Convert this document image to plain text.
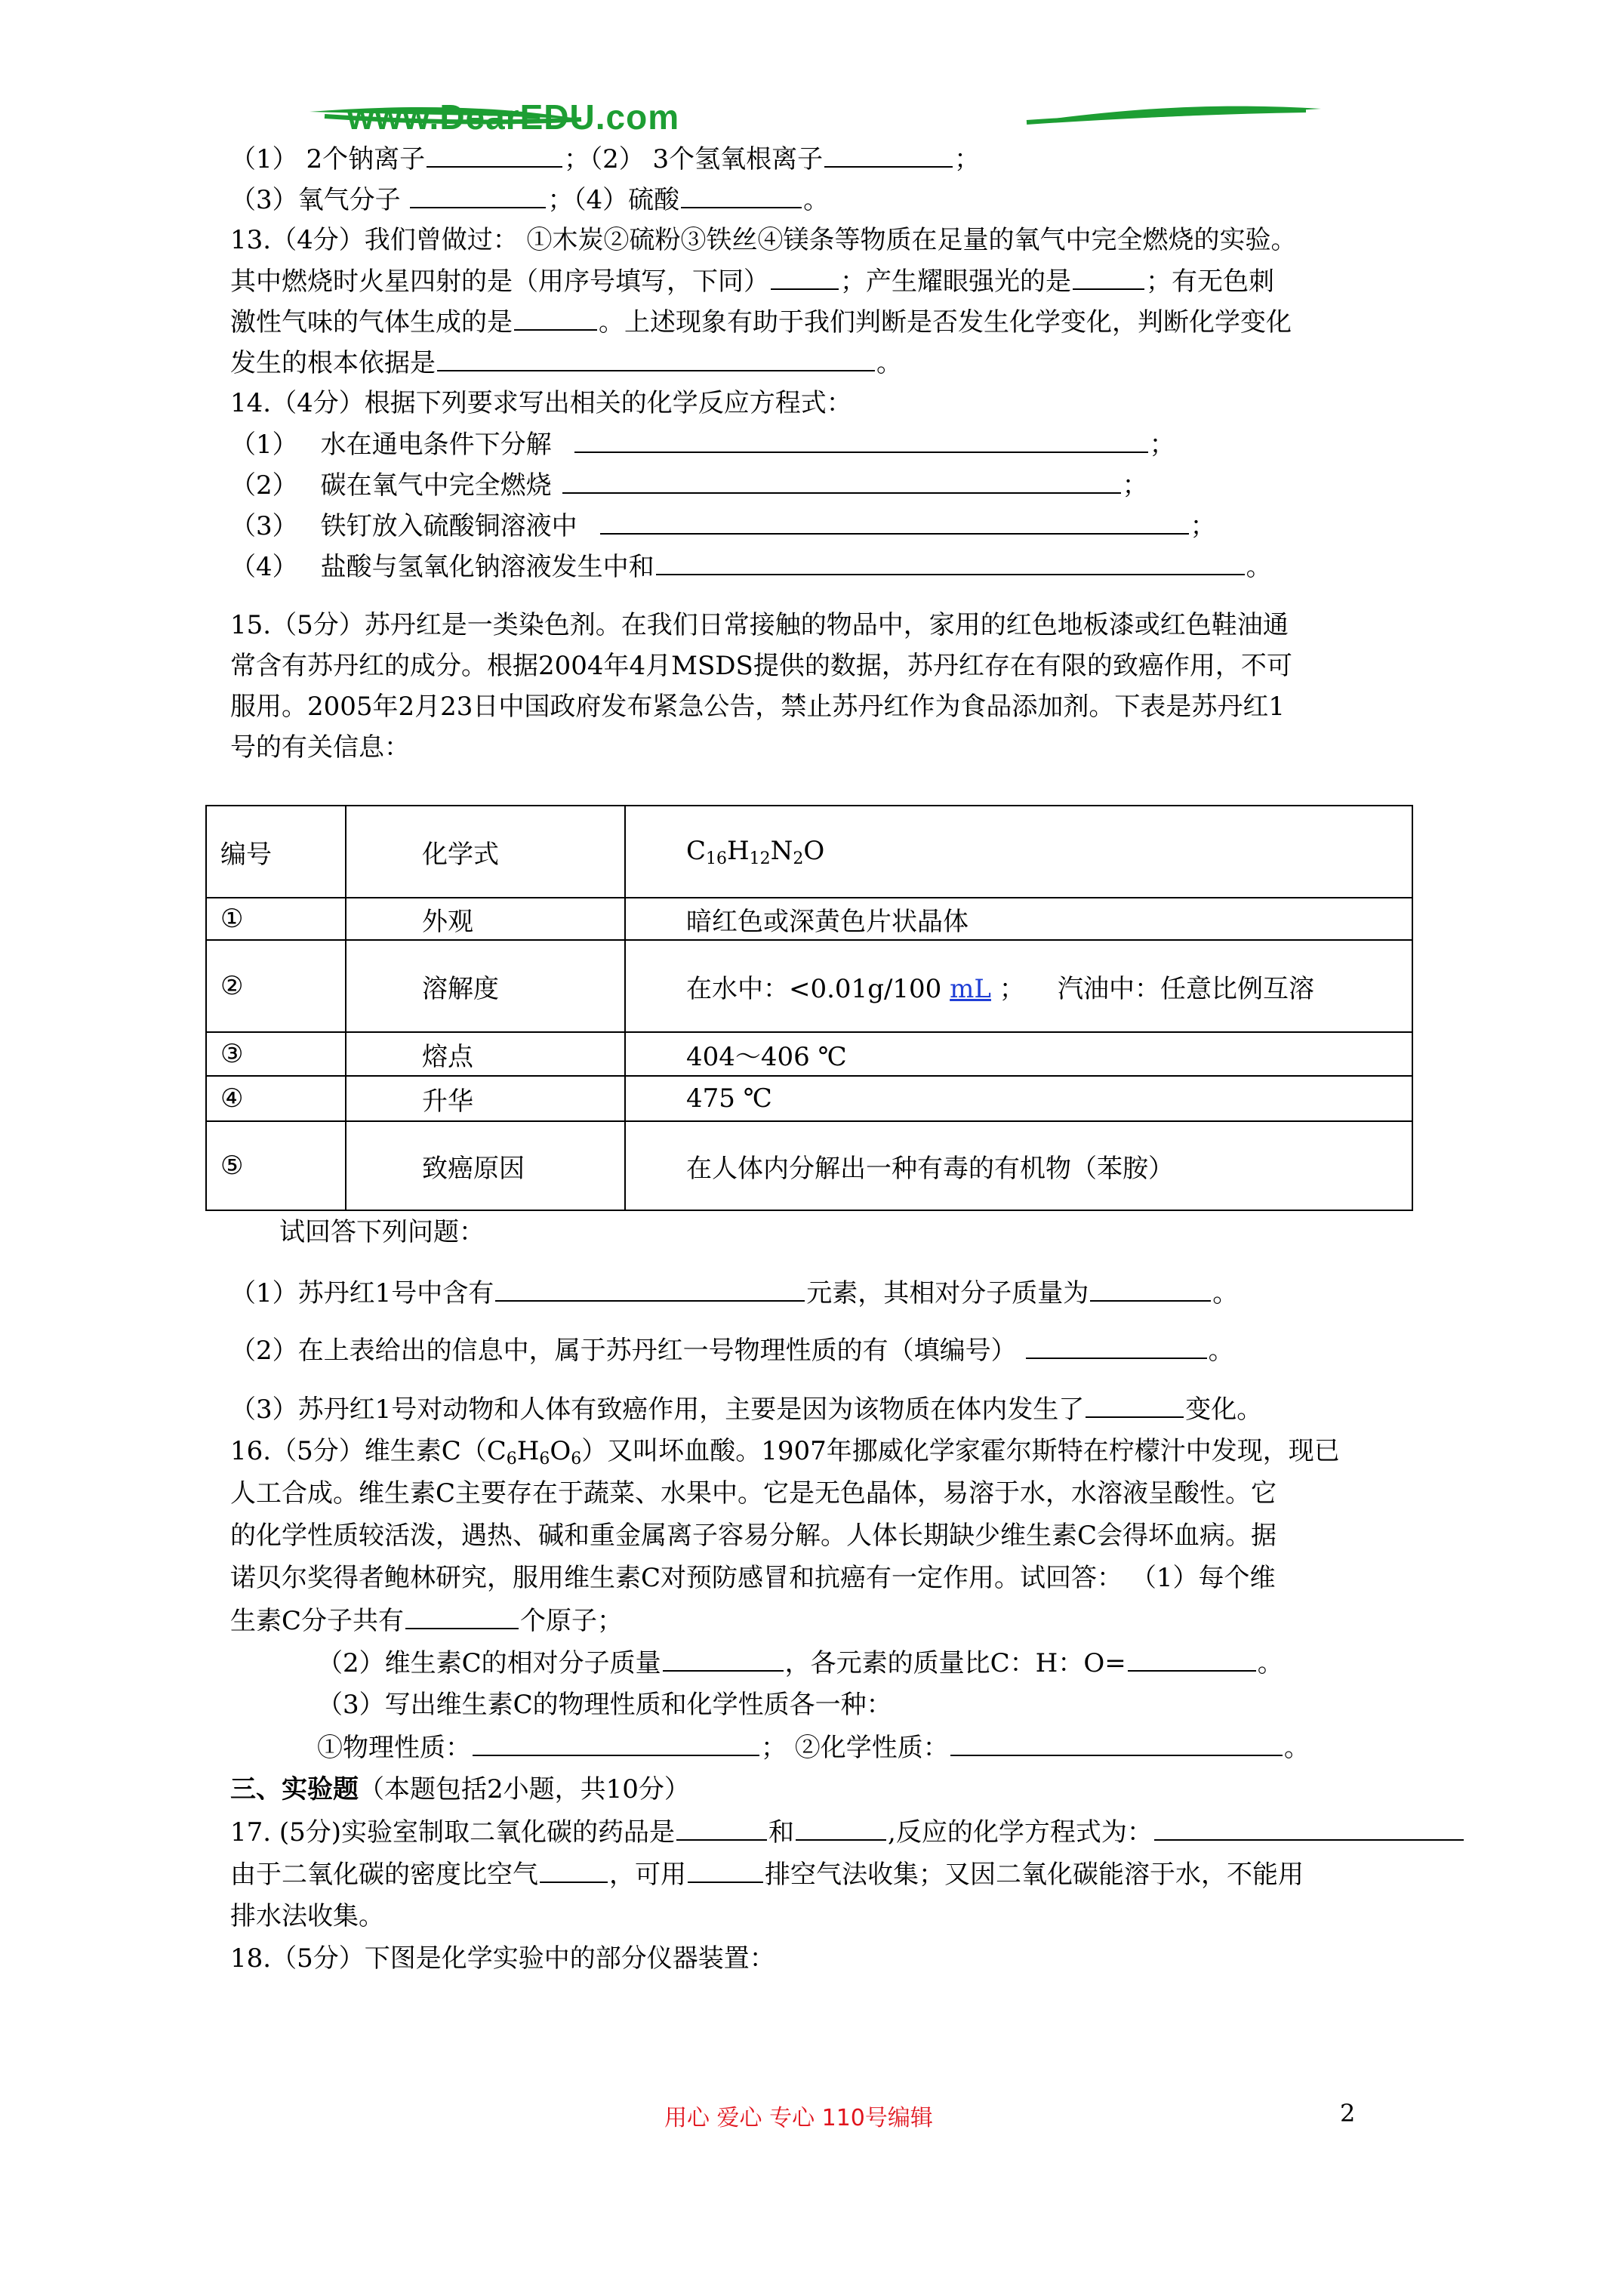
www.DearEDU.com
（1） 2个钠离子	；（2） 3个氢氧根离子	；
（3）氧气分子	；（4）硫酸	。
13.（4分）我们曾做过： ①木炭②硫粉③铁丝④镁条等物质在足量的氧气中完全燃烧的实验。
其中燃烧时火星四射的是（用序号填写，下同）	；产生耀眼强光的是	；有无色刺
激性气味的气体生成的是	。上述现象有助于我们判断是否发生化学变化，判断化学变化
发生的根本依据是	。
14.（4分）根据下列要求写出相关的化学反应方程式：
（1） 水在通电条件下分解	；
（2） 碳在氧气中完全燃烧	；
（3） 铁钉放入硫酸铜溶液中	；
（4） 盐酸与氢氧化钠溶液发生中和	。
15.（5分）苏丹红是一类染色剂。在我们日常接触的物品中，家用的红色地板漆或红色鞋油通
常含有苏丹红的成分。根据2004年4月MSDS提供的数据，苏丹红存在有限的致癌作用，不可
服用。2005年2月23日中国政府发布紧急公告，禁止苏丹红作为食品添加剂。下表是苏丹红1
号的有关信息：
编号	化学式	$C_{16}H_{12}N_2O$
①	外观	暗红色或深黄色片状晶体
②	溶解度	在水中：<0.01g/100 mL ；    汽油中：任意比例互溶
③	熔点	404～406 ℃
④	升华	475 ℃
⑤	致癌原因	在人体内分解出一种有毒的有机物（苯胺）
试回答下列问题：
（1）苏丹红1号中含有	元素，其相对分子质量为	。
（2）在上表给出的信息中，属于苏丹红一号物理性质的有（填编号）	。
（3）苏丹红1号对动物和人体有致癌作用，主要是因为该物质在体内发生了	变化。
16.（5分）维生素$C(C_6H_6O_6)$又叫坏血酸。1907年挪威化学家霍尔斯特在柠檬汁中发现，现已
人工合成。维生素C主要存在于蔬菜、水果中。它是无色晶体，易溶于水，水溶液呈酸性。它
的化学性质较活泼，遇热、碱和重金属离子容易分解。人体长期缺少维生素C会得坏血病。据
诺贝尔奖得者鲍林研究，服用维生素C对预防感冒和抗癌有一定作用。试回答： （1）每个维
生素C分子共有	个原子；
（2）维生素C的相对分子质量	，各元素的质量比C：H：O=	。
（3）写出维生素C的物理性质和化学性质各一种：
①物理性质：	； ②化学性质：	。
三、实验题（本题包括2小题，共10分）
17. (5分)实验室制取二氧化碳的药品是	和	,反应的化学方程式为：
由于二氧化碳的密度比空气	，可用	排空气法收集；又因二氧化碳能溶于水，不能用
排水法收集。
18.（5分）下图是化学实验中的部分仪器装置：
用心 爱心 专心 110号编辑	2
